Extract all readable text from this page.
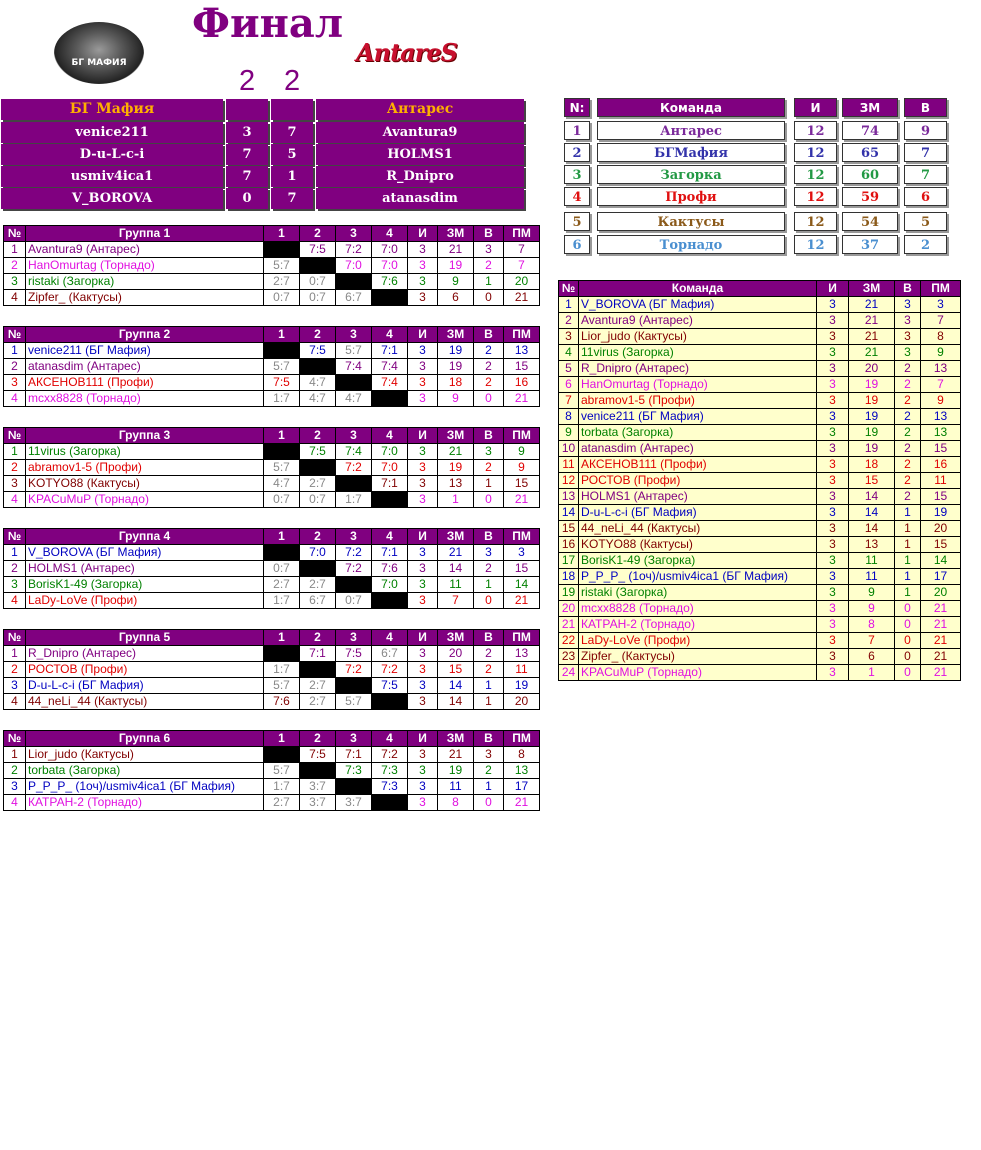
Финал
БГ МАФИЯ	AntareS
2 2
БГ Мафия	Антарес
venice211	3	7	Avantura9
D-u-L-c-i	7	5	HOLMS1
usmiv4ica1	7	1	R_Dnipro
V_BOROVA	0	7	atanasdim
N:	Команда	И	ЗМ	В
1	Антарес	12	74	9
2	БГМафия	12	65	7
3	Загорка	12	60	7
4	Профи	12	59	6
5	Кактусы	12	54	5
6	Торнадо	12	37	2
№	Группа 1	1	2	3	4	И	ЗМ	В	ПМ
1	Avantura9 (Антарес)		7:5	7:2	7:0	3	21	3	7
2	HanOmurtag (Торнадо)	5:7		7:0	7:0	3	19	2	7
3	ristaki (Загорка)	2:7	0:7		7:6	3	9	1	20
4	Zipfer_ (Кактусы)	0:7	0:7	6:7		3	6	0	21
№	Группа 2	1	2	3	4	И	ЗМ	В	ПМ
1	venice211 (БГ Мафия)		7:5	5:7	7:1	3	19	2	13
2	atanasdim (Антарес)	5:7		7:4	7:4	3	19	2	15
3	АКСЕНОВ111 (Профи)	7:5	4:7		7:4	3	18	2	16
4	mcxx8828 (Торнадо)	1:7	4:7	4:7		3	9	0	21
№	Группа 3	1	2	3	4	И	ЗМ	В	ПМ
1	11virus (Загорка)		7:5	7:4	7:0	3	21	3	9
2	abramov1-5 (Профи)	5:7		7:2	7:0	3	19	2	9
3	KOTYO88 (Кактусы)	4:7	2:7		7:1	3	13	1	15
4	KPACuMuP (Торнадо)	0:7	0:7	1:7		3	1	0	21
№	Группа 4	1	2	3	4	И	ЗМ	В	ПМ
1	V_BOROVA (БГ Мафия)		7:0	7:2	7:1	3	21	3	3
2	HOLMS1 (Антарес)	0:7		7:2	7:6	3	14	2	15
3	BorisK1-49 (Загорка)	2:7	2:7		7:0	3	11	1	14
4	LaDy-LoVe (Профи)	1:7	6:7	0:7		3	7	0	21
№	Группа 5	1	2	3	4	И	ЗМ	В	ПМ
1	R_Dnipro (Антарес)		7:1	7:5	6:7	3	20	2	13
2	РОСТОВ (Профи)	1:7		7:2	7:2	3	15	2	11
3	D-u-L-c-i (БГ Мафия)	5:7	2:7		7:5	3	14	1	19
4	44_neLi_44 (Кактусы)	7:6	2:7	5:7		3	14	1	20
№	Группа 6	1	2	3	4	И	ЗМ	В	ПМ
1	Lior_judo (Кактусы)		7:5	7:1	7:2	3	21	3	8
2	torbata (Загорка)	5:7		7:3	7:3	3	19	2	13
3	P_P_P_ (1оч)/usmiv4ica1 (БГ Мафия)	1:7	3:7		7:3	3	11	1	17
4	КАТРАН-2 (Торнадо)	2:7	3:7	3:7		3	8	0	21
№	Команда	И	ЗМ	В	ПМ
1	V_BOROVA (БГ Мафия)	3	21	3	3
2	Avantura9 (Антарес)	3	21	3	7
3	Lior_judo (Кактусы)	3	21	3	8
4	11virus (Загорка)	3	21	3	9
5	R_Dnipro (Антарес)	3	20	2	13
6	HanOmurtag (Торнадо)	3	19	2	7
7	abramov1-5 (Профи)	3	19	2	9
8	venice211 (БГ Мафия)	3	19	2	13
9	torbata (Загорка)	3	19	2	13
10	atanasdim (Антарес)	3	19	2	15
11	АКСЕНОВ111 (Профи)	3	18	2	16
12	РОСТОВ (Профи)	3	15	2	11
13	HOLMS1 (Антарес)	3	14	2	15
14	D-u-L-c-i (БГ Мафия)	3	14	1	19
15	44_neLi_44 (Кактусы)	3	14	1	20
16	KOTYO88 (Кактусы)	3	13	1	15
17	BorisK1-49 (Загорка)	3	11	1	14
18	P_P_P_ (1оч)/usmiv4ica1 (БГ Мафия)	3	11	1	17
19	ristaki (Загорка)	3	9	1	20
20	mcxx8828 (Торнадо)	3	9	0	21
21	КАТРАН-2 (Торнадо)	3	8	0	21
22	LaDy-LoVe (Профи)	3	7	0	21
23	Zipfer_ (Кактусы)	3	6	0	21
24	KPACuMuP (Торнадо)	3	1	0	21
